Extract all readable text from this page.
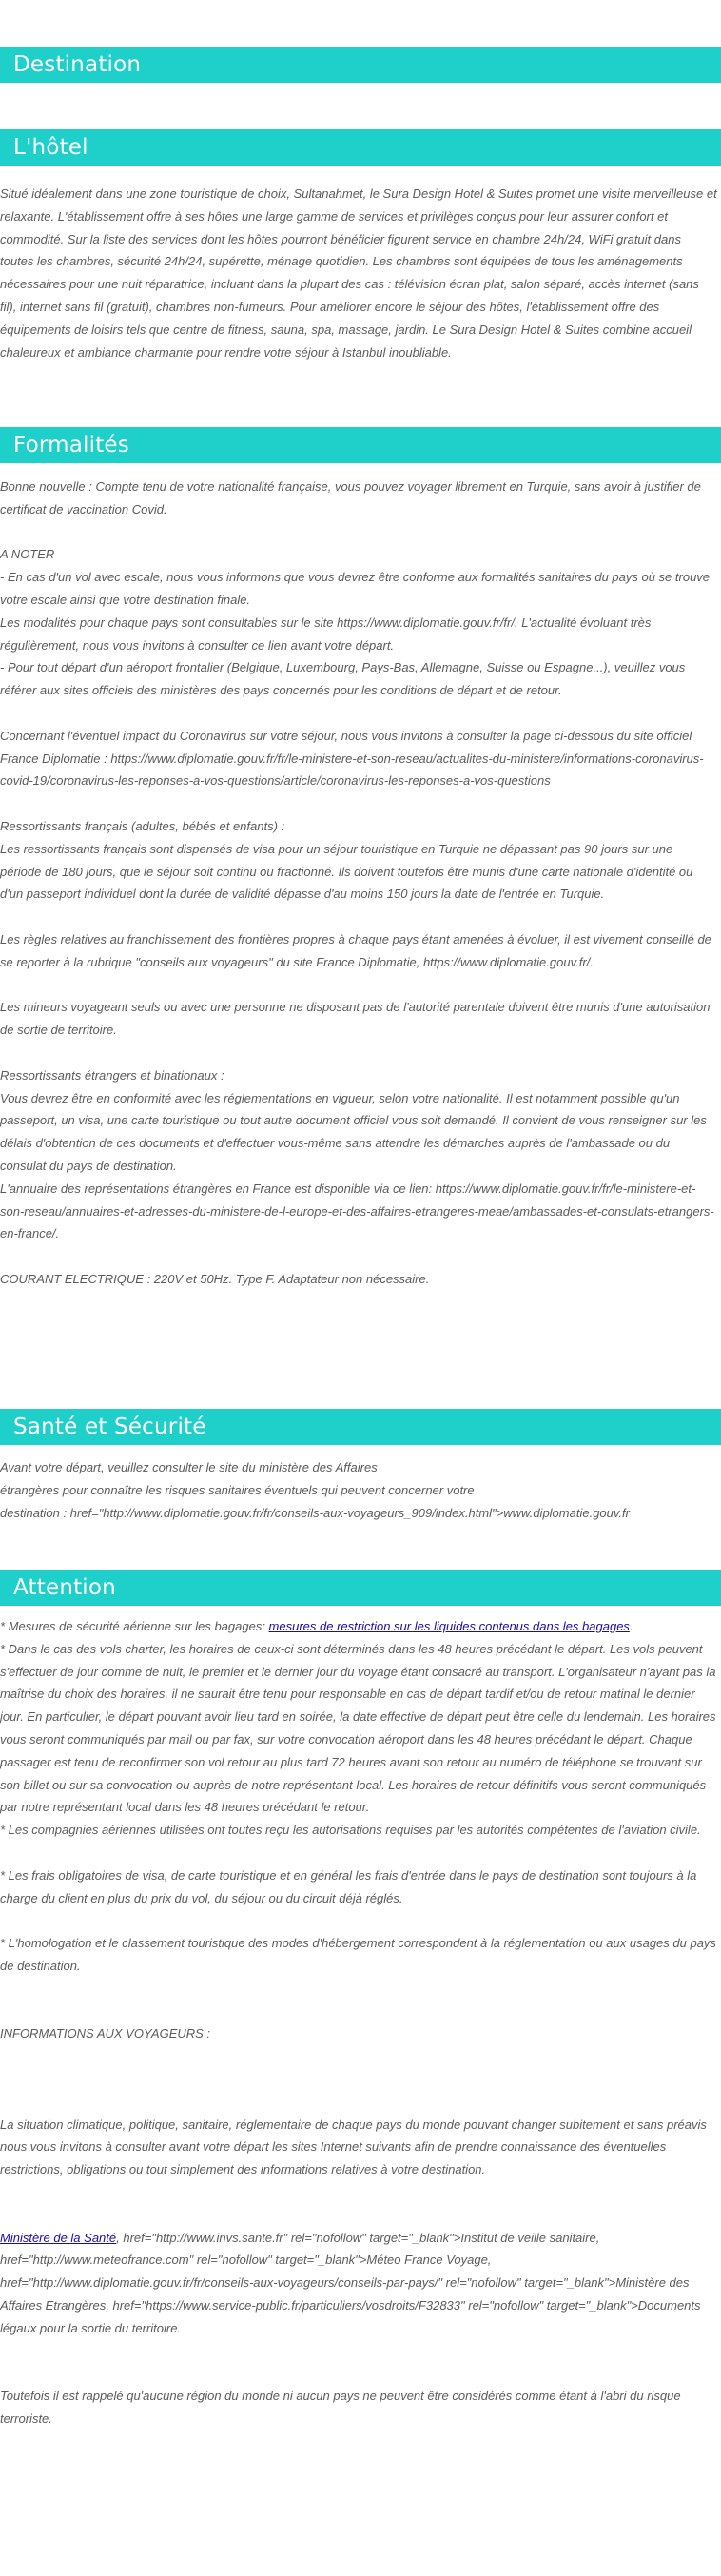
Destination
L'hôtel

Situé idéalement dans une zone touristique de choix, Sultanahmet, le Sura Design Hotel & Suites promet une visite merveilleuse et relaxante. L'établissement offre à ses hôtes une large gamme de services et privilèges conçus pour leur assurer confort et commodité. Sur la liste des services dont les hôtes pourront bénéficier figurent service en chambre 24h/24, WiFi gratuit dans toutes les chambres, sécurité 24h/24, supérette, ménage quotidien. Les chambres sont équipées de tous les aménagements nécessaires pour une nuit réparatrice, incluant dans la plupart des cas : télévision écran plat, salon séparé, accès internet (sans fil), internet sans fil (gratuit), chambres non-fumeurs. Pour améliorer encore le séjour des hôtes, l'établissement offre des équipements de loisirs tels que centre de fitness, sauna, spa, massage, jardin. Le Sura Design Hotel & Suites combine accueil chaleureux et ambiance charmante pour rendre votre séjour à Istanbul inoubliable.

Formalités

Bonne nouvelle : Compte tenu de votre nationalité française, vous pouvez voyager librement en Turquie, sans avoir à justifier de certificat de vaccination Covid.

A NOTER

- En cas d'un vol avec escale, nous vous informons que vous devrez être conforme aux formalités sanitaires du pays où se trouve votre escale ainsi que votre destination finale.

Les modalités pour chaque pays sont consultables sur le site https://www.diplomatie.gouv.fr/fr/. L'actualité évoluant très régulièrement, nous vous invitons à consulter ce lien avant votre départ.

- Pour tout départ d'un aéroport frontalier (Belgique, Luxembourg, Pays-Bas, Allemagne, Suisse ou Espagne...), veuillez vous référer aux sites officiels des ministères des pays concernés pour les conditions de départ et de retour.

Concernant l'éventuel impact du Coronavirus sur votre séjour, nous vous invitons à consulter la page ci-dessous du site officiel France Diplomatie : https://www.diplomatie.gouv.fr/fr/le-ministere-et-son-reseau/actualites-du-ministere/informations-coronavirus-covid-19/coronavirus-les-reponses-a-vos-questions/article/coronavirus-les-reponses-a-vos-questions

Ressortissants français (adultes, bébés et enfants) :

Les ressortissants français sont dispensés de visa pour un séjour touristique en Turquie ne dépassant pas 90 jours sur une période de 180 jours, que le séjour soit continu ou fractionné. Ils doivent toutefois être munis d'une carte nationale d'identité ou d'un passeport individuel dont la durée de validité dépasse d'au moins 150 jours la date de l'entrée en Turquie.

Les règles relatives au franchissement des frontières propres à chaque pays étant amenées à évoluer, il est vivement conseillé de se reporter à la rubrique "conseils aux voyageurs" du site France Diplomatie, https://www.diplomatie.gouv.fr/.

Les mineurs voyageant seuls ou avec une personne ne disposant pas de l'autorité parentale doivent être munis d'une autorisation de sortie de territoire.

Ressortissants étrangers et binationaux :

Vous devrez être en conformité avec les réglementations en vigueur, selon votre nationalité. Il est notamment possible qu'un passeport, un visa, une carte touristique ou tout autre document officiel vous soit demandé. Il convient de vous renseigner sur les délais d'obtention de ces documents et d'effectuer vous-même sans attendre les démarches auprès de l'ambassade ou du consulat du pays de destination.

L'annuaire des représentations étrangères en France est disponible via ce lien: https://www.diplomatie.gouv.fr/fr/le-ministere-et-son-reseau/annuaires-et-adresses-du-ministere-de-l-europe-et-des-affaires-etrangeres-meae/ambassades-et-consulats-etrangers-en-france/.

COURANT ELECTRIQUE : 220V et 50Hz. Type F. Adaptateur non nécessaire.

Santé et Sécurité

Avant votre départ, veuillez consulter le site du ministère des Affaires

étrangères pour connaître les risques sanitaires éventuels qui peuvent concerner votre

destination : href="http://www.diplomatie.gouv.fr/fr/conseils-aux-voyageurs_909/index.html">www.diplomatie.gouv.fr

Attention

* Mesures de sécurité aérienne sur les bagages: mesures de restriction sur les liquides contenus dans les bagages.

* Dans le cas des vols charter, les horaires de ceux-ci sont déterminés dans les 48 heures précédant le départ. Les vols peuvent s'effectuer de jour comme de nuit, le premier et le dernier jour du voyage étant consacré au transport. L'organisateur n'ayant pas la maîtrise du choix des horaires, il ne saurait être tenu pour responsable en cas de départ tardif et/ou de retour matinal le dernier jour. En particulier, le départ pouvant avoir lieu tard en soirée, la date effective de départ peut être celle du lendemain. Les horaires vous seront communiqués par mail ou par fax, sur votre convocation aéroport dans les 48 heures précédant le départ. Chaque passager est tenu de reconfirmer son vol retour au plus tard 72 heures avant son retour au numéro de téléphone se trouvant sur son billet ou sur sa convocation ou auprès de notre représentant local. Les horaires de retour définitifs vous seront communiqués par notre représentant local dans les 48 heures précédant le retour.

* Les compagnies aériennes utilisées ont toutes reçu les autorisations requises par les autorités compétentes de l'aviation civile.

* Les frais obligatoires de visa, de carte touristique et en général les frais d'entrée dans le pays de destination sont toujours à la charge du client en plus du prix du vol, du séjour ou du circuit déjà réglés.

* L'homologation et le classement touristique des modes d'hébergement correspondent à la réglementation ou aux usages du pays de destination.

INFORMATIONS AUX VOYAGEURS :

La situation climatique, politique, sanitaire, réglementaire de chaque pays du monde pouvant changer subitement et sans préavis

nous vous invitons à consulter avant votre départ les sites Internet suivants afin de prendre connaissance des éventuelles restrictions, obligations ou tout simplement des informations relatives à votre destination.

Ministère de la Santé, href="http://www.invs.sante.fr" rel="nofollow" target="_blank">Institut de veille sanitaire, href="http://www.meteofrance.com" rel="nofollow" target="_blank">Méteo France Voyage, href="http://www.diplomatie.gouv.fr/fr/conseils-aux-voyageurs/conseils-par-pays/" rel="nofollow" target="_blank">Ministère des Affaires Etrangères, href="https://www.service-public.fr/particuliers/vosdroits/F32833" rel="nofollow" target="_blank">Documents légaux pour la sortie du territoire.

Toutefois il est rappelé qu'aucune région du monde ni aucun pays ne peuvent être considérés comme étant à l'abri du risque terroriste.
